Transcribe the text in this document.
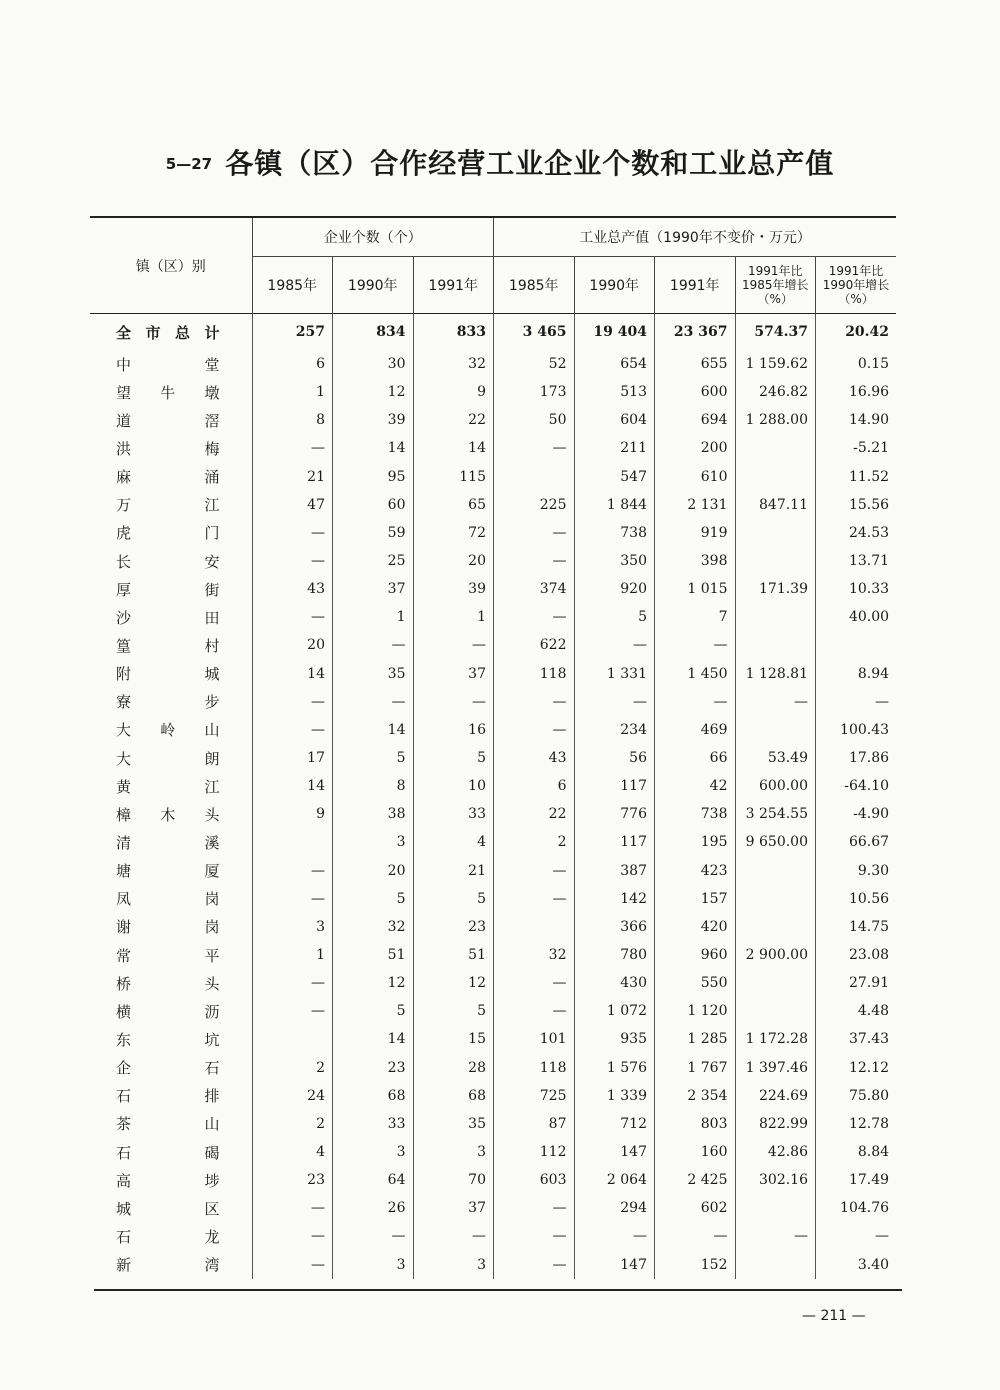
5—27 各镇（区）合作经营工业企业个数和工业总产值
镇（区）别	企业个数（个）			工业总产值（1990年不变价・万元）				
	1985年	1990年	1991年	1985年	1990年	1991年	1991年比1985年增长（%）	1991年比1990年增长（%）
全市总计	257	834	833	3 465	19 404	23 367	574.37	20.42
中堂	6	30	32	52	654	655	1 159.62	0.15
望牛墩	1	12	9	173	513	600	246.82	16.96
道滘	8	39	22	50	604	694	1 288.00	14.90
洪梅	—	14	14	—	211	200		-5.21
麻涌	21	95	115		547	610		11.52
万江	47	60	65	225	1 844	2 131	847.11	15.56
虎门	—	59	72	—	738	919		24.53
长安	—	25	20	—	350	398		13.71
厚街	43	37	39	374	920	1 015	171.39	10.33
沙田	—	1	1	—	5	7		40.00
篁村	20	—	—	622	—	—		
附城	14	35	37	118	1 331	1 450	1 128.81	8.94
寮步	—	—	—	—	—	—	—	—
大岭山	—	14	16	—	234	469		100.43
大朗	17	5	5	43	56	66	53.49	17.86
黄江	14	8	10	6	117	42	600.00	-64.10
樟木头	9	38	33	22	776	738	3 254.55	-4.90
清溪		3	4	2	117	195	9 650.00	66.67
塘厦	—	20	21	—	387	423		9.30
凤岗	—	5	5	—	142	157		10.56
谢岗	3	32	23		366	420		14.75
常平	1	51	51	32	780	960	2 900.00	23.08
桥头	—	12	12	—	430	550		27.91
横沥	—	5	5	—	1 072	1 120		4.48
东坑		14	15	101	935	1 285	1 172.28	37.43
企石	2	23	28	118	1 576	1 767	1 397.46	12.12
石排	24	68	68	725	1 339	2 354	224.69	75.80
茶山	2	33	35	87	712	803	822.99	12.78
石碣	4	3	3	112	147	160	42.86	8.84
高埗	23	64	70	603	2 064	2 425	302.16	17.49
城区	—	26	37	—	294	602		104.76
石龙	—	—	—	—	—	—	—	—
新湾	—	3	3	—	147	152		3.40
— 211 —
